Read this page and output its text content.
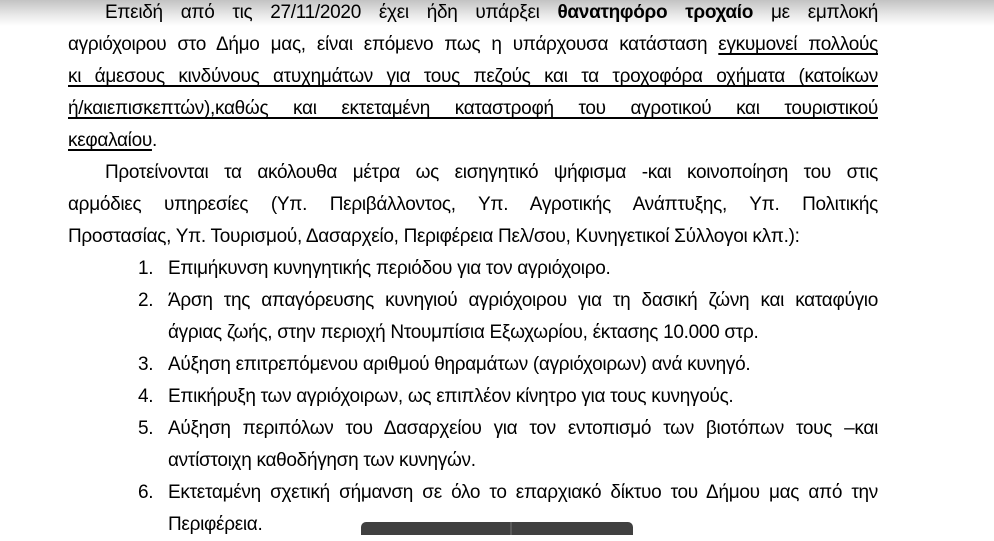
Επειδή από τις 27/11/2020 έχει ήδη υπάρξει θανατηφόρο τροχαίο με εμπλοκή
αγριόχοιρου στο Δήμο μας, είναι επόμενο πως η υπάρχουσα κατάσταση εγκυμονεί πολλούς
κι άμεσους κινδύνους ατυχημάτων για τους πεζούς και τα τροχοφόρα οχήματα (κατοίκων
ή/καιεπισκεπτών),καθώς και εκτεταμένη καταστροφή του αγροτικού και τουριστικού
κεφαλαίου.
Προτείνονται τα ακόλουθα μέτρα ως εισηγητικό ψήφισμα -και κοινοποίηση του στις
αρμόδιες υπηρεσίες (Υπ. Περιβάλλοντος, Υπ. Αγροτικής Ανάπτυξης, Υπ. Πολιτικής
Προστασίας, Υπ. Τουρισμού, Δασαρχείο, Περιφέρεια Πελ/σου, Κυνηγετικοί Σύλλογοι κλπ.):
1. Επιμήκυνση κυνηγητικής περιόδου για τον αγριόχοιρο.
2. Άρση της απαγόρευσης κυνηγιού αγριόχοιρου για τη δασική ζώνη και καταφύγιο
άγριας ζωής, στην περιοχή Ντουμπίσια Εξωχωρίου, έκτασης 10.000 στρ.
3. Αύξηση επιτρεπόμενου αριθμού θηραμάτων (αγριόχοιρων) ανά κυνηγό.
4. Επικήρυξη των αγριόχοιρων, ως επιπλέον κίνητρο για τους κυνηγούς.
5. Αύξηση περιπόλων του Δασαρχείου για τον εντοπισμό των βιοτόπων τους –και
αντίστοιχη καθοδήγηση των κυνηγών.
6. Εκτεταμένη σχετική σήμανση σε όλο το επαρχιακό δίκτυο του Δήμου μας από την
Περιφέρεια.
